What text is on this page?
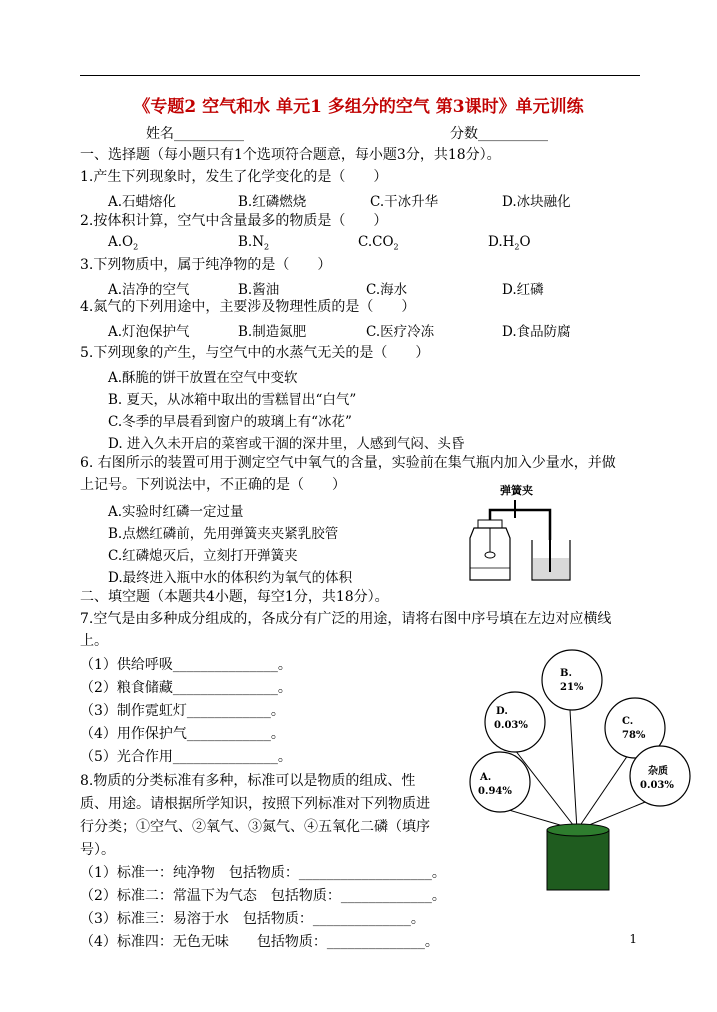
《专题2 空气和水 单元1 多组分的空气 第3课时》单元训练
姓名__________	分数__________
一、选择题（每小题只有1个选项符合题意，每小题3分，共18分）。
1.产生下列现象时，发生了化学变化的是（　　）
A.石蜡熔化	B.红磷燃烧	C.干冰升华	D.冰块融化
2.按体积计算，空气中含量最多的物质是（　　）
$A.O_2$	$B.N_2$	$C.CO_2$	$D.H_2O$
3.下列物质中，属于纯净物的是（　　）
A.洁净的空气	B.酱油	C.海水	D.红磷
4.氮气的下列用途中，主要涉及物理性质的是（　　）
A.灯泡保护气	B.制造氮肥	C.医疗冷冻	D.食品防腐
5.下列现象的产生，与空气中的水蒸气无关的是（　　）
A.酥脆的饼干放置在空气中变软
B. 夏天，从冰箱中取出的雪糕冒出“白气”
C.冬季的早晨看到窗户的玻璃上有“冰花”
D. 进入久未开启的菜窖或干涸的深井里，人感到气闷、头昏
6. 右图所示的装置可用于测定空气中氧气的含量，实验前在集气瓶内加入少量水，并做
上记号。下列说法中，不正确的是（　　）
A.实验时红磷一定过量
B.点燃红磷前，先用弹簧夹夹紧乳胶管
C.红磷熄灭后，立刻打开弹簧夹
D.最终进入瓶中水的体积约为氧气的体积
弹簧夹
二、填空题（本题共4小题，每空1分，共18分）。
7.空气是由多种成分组成的，各成分有广泛的用途，请将右图中序号填在左边对应横线
上。
（1）供给呼吸_______________。
（2）粮食储藏_______________。
（3）制作霓虹灯____________。
（4）用作保护气____________。
（5）光合作用_______________。
B.
21%
D.
0.03%	C.
78%
A.
0.94%
杂质
0.03%
8.物质的分类标准有多种，标准可以是物质的组成、性
质、用途。请根据所学知识，按照下列标准对下列物质进
行分类；①空气、②氧气、③氮气、④五氧化二磷（填序
号）。
（1）标准一：纯净物　包括物质：___________________。
（2）标准二：常温下为气态　包括物质：_____________。
（3）标准三：易溶于水　包括物质：______________。
（4）标准四：无色无味　　包括物质：______________。	1
